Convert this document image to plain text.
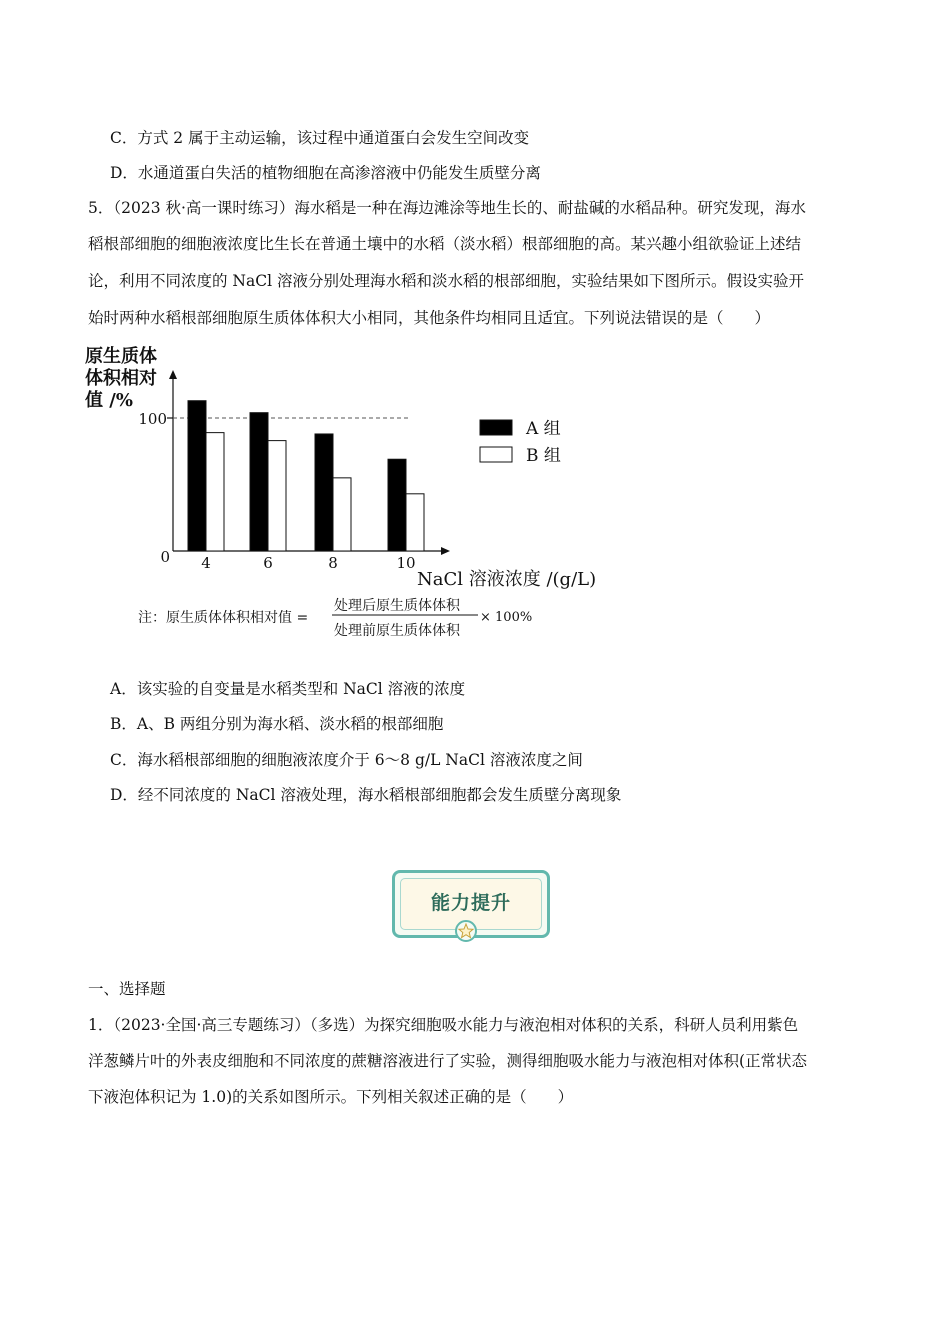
C．方式 2 属于主动运输，该过程中通道蛋白会发生空间改变
D．水通道蛋白失活的植物细胞在高渗溶液中仍能发生质壁分离
5．（2023 秋·高一课时练习）海水稻是一种在海边滩涂等地生长的、耐盐碱的水稻品种。研究发现，海水
稻根部细胞的细胞液浓度比生长在普通土壤中的水稻（淡水稻）根部细胞的高。某兴趣小组欲验证上述结
论，利用不同浓度的 NaCl 溶液分别处理海水稻和淡水稻的根部细胞，实验结果如下图所示。假设实验开
始时两种水稻根部细胞原生质体体积大小相同，其他条件均相同且适宜。下列说法错误的是（　　）
原生质体
体积相对
值 /%
4	6	8	10
0
100	A 组
B 组
NaCl 溶液浓度 /(g/L)
注：原生质体体积相对值 =
处理后原生质体体积
处理前原生质体体积
× 100%
A．该实验的自变量是水稻类型和 NaCl 溶液的浓度
B．A、B 两组分别为海水稻、淡水稻的根部细胞
C．海水稻根部细胞的细胞液浓度介于 6～8 g/L NaCl 溶液浓度之间
D．经不同浓度的 NaCl 溶液处理，海水稻根部细胞都会发生质壁分离现象
能力提升
一、选择题
1．（2023·全国·高三专题练习）（多选）为探究细胞吸水能力与液泡相对体积的关系，科研人员利用紫色
洋葱鳞片叶的外表皮细胞和不同浓度的蔗糖溶液进行了实验，测得细胞吸水能力与液泡相对体积(正常状态
下液泡体积记为 1.0)的关系如图所示。下列相关叙述正确的是（　　）
